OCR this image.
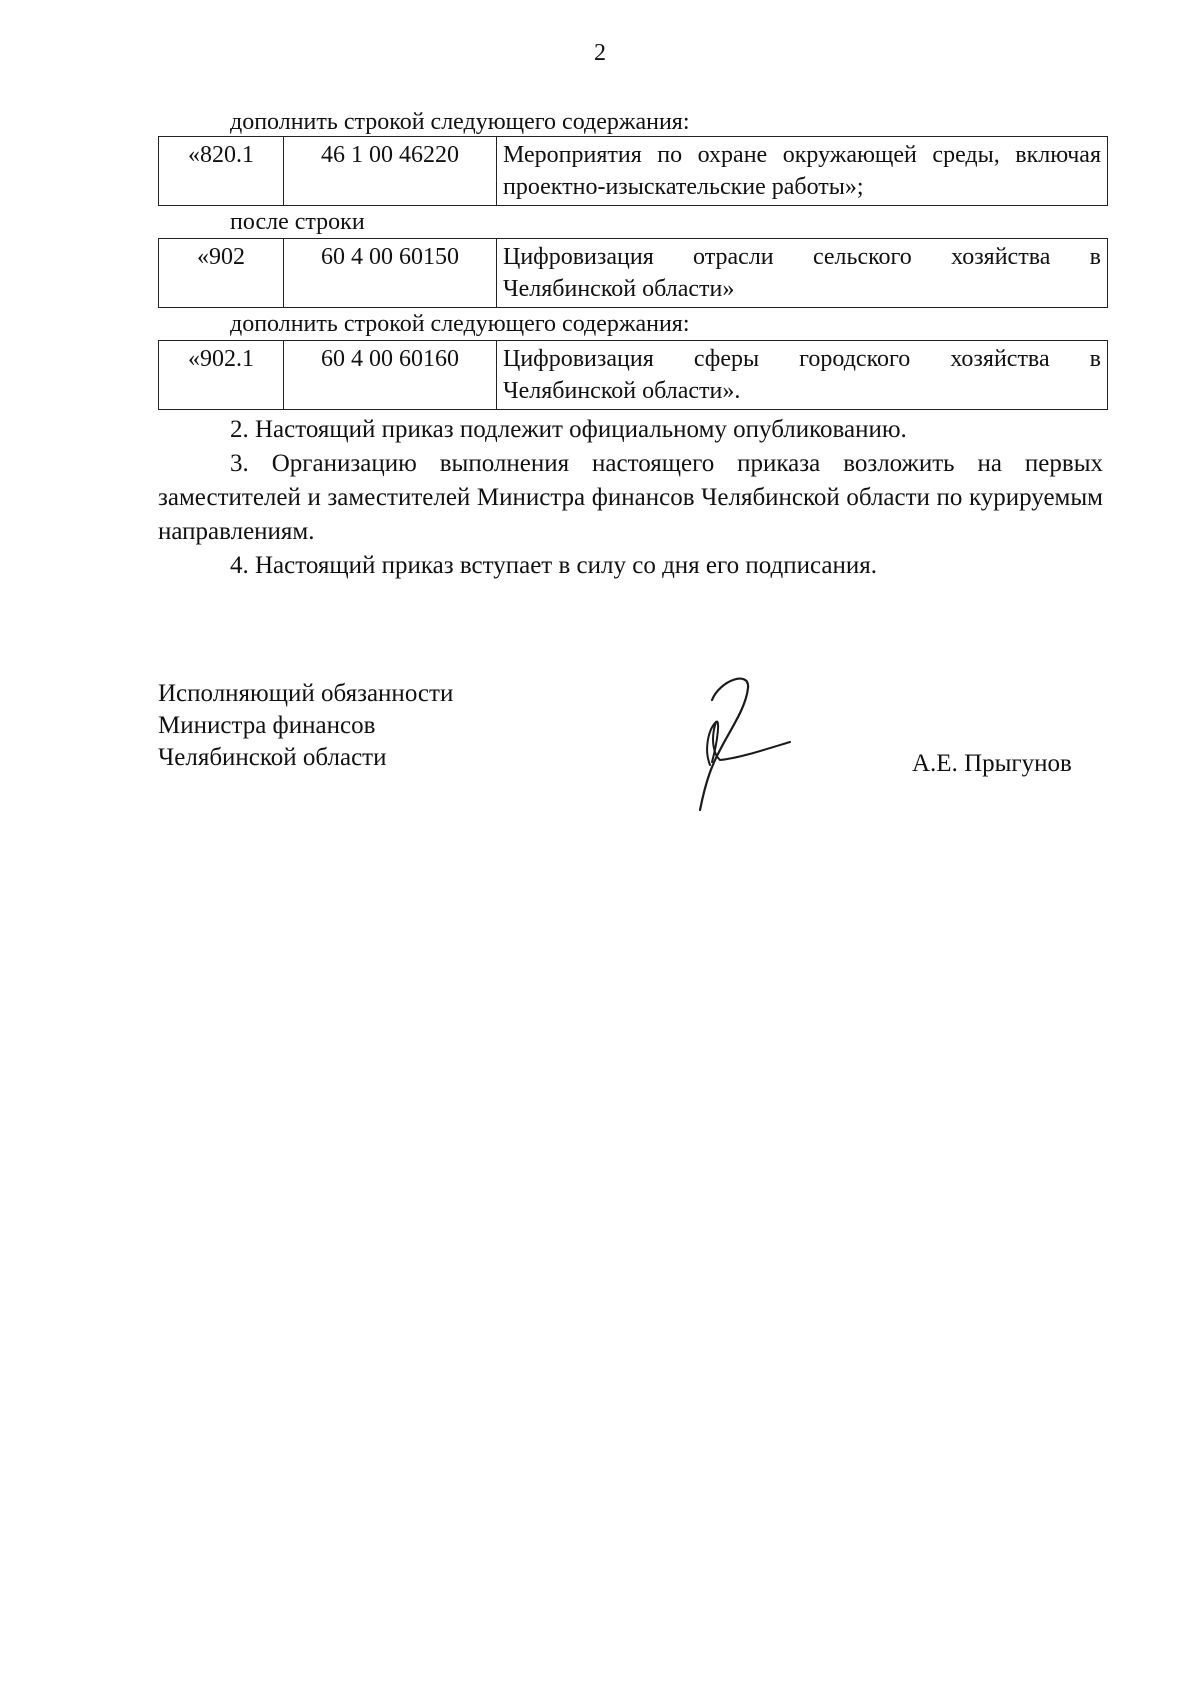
2
дополнить строкой следующего содержания:
«820.1	46 1 00 46220	Мероприятия по охране окружающей среды, включая проектно-изыскательские работы»;
после строки
«902	60 4 00 60150	Цифровизация отрасли сельского хозяйства в Челябинской области»
дополнить строкой следующего содержания:
«902.1	60 4 00 60160	Цифровизация сферы городского хозяйства в Челябинской области».

2. Настоящий приказ подлежит официальному опубликованию.

3. Организацию выполнения настоящего приказа возложить на первых заместителей и заместителей Министра финансов Челябинской области по курируемым направлениям.

4. Настоящий приказ вступает в силу со дня его подписания.

Исполняющий обязанности
Министра финансов
Челябинской области	А.Е. Прыгунов
